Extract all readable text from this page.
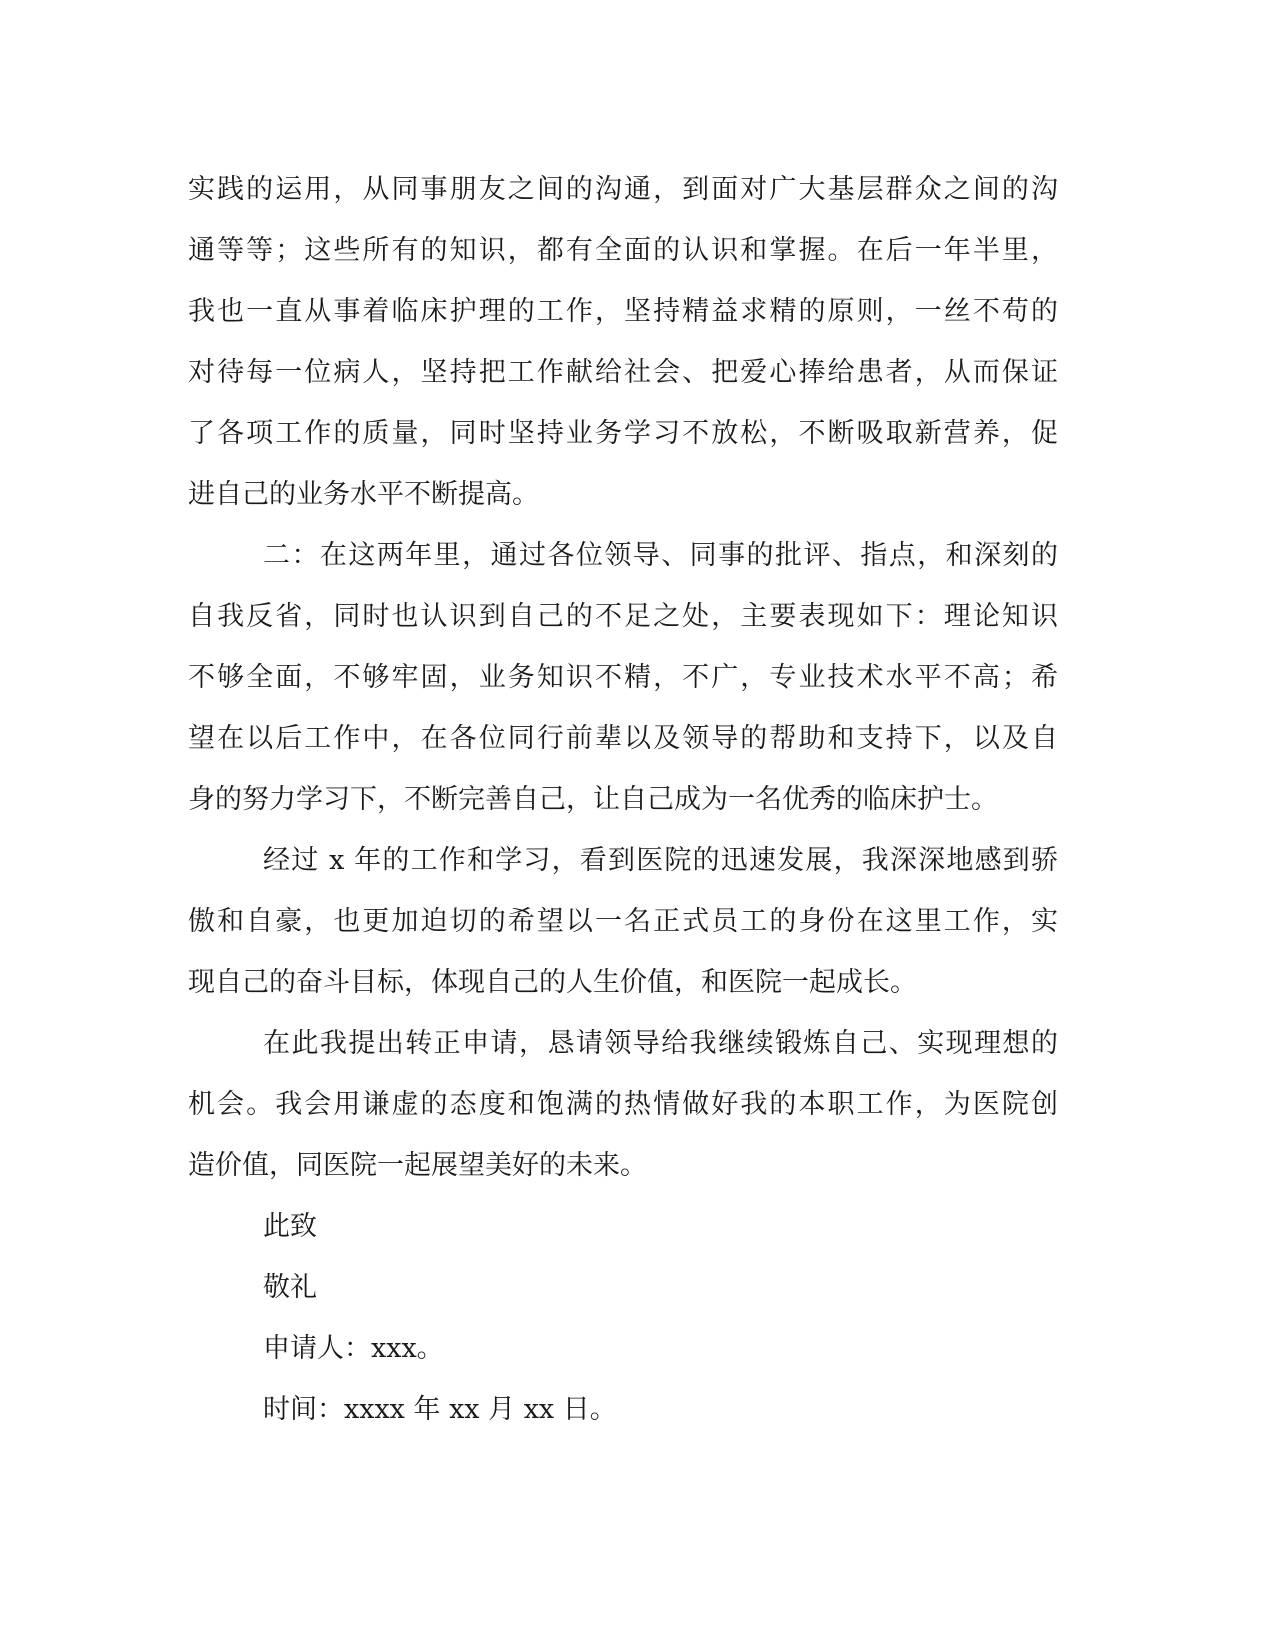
实践的运用，从同事朋友之间的沟通，到面对广大基层群众之间的沟
通等等；这些所有的知识，都有全面的认识和掌握。在后一年半里，
我也一直从事着临床护理的工作，坚持精益求精的原则，一丝不苟的
对待每一位病人，坚持把工作献给社会、把爱心捧给患者，从而保证
了各项工作的质量，同时坚持业务学习不放松，不断吸取新营养，促
进自己的业务水平不断提高。
二：在这两年里，通过各位领导、同事的批评、指点，和深刻的
自我反省，同时也认识到自己的不足之处，主要表现如下：理论知识
不够全面，不够牢固，业务知识不精，不广，专业技术水平不高；希
望在以后工作中，在各位同行前辈以及领导的帮助和支持下，以及自
身的努力学习下，不断完善自己，让自己成为一名优秀的临床护士。
经过 x 年的工作和学习，看到医院的迅速发展，我深深地感到骄
傲和自豪，也更加迫切的希望以一名正式员工的身份在这里工作，实
现自己的奋斗目标，体现自己的人生价值，和医院一起成长。
在此我提出转正申请，恳请领导给我继续锻炼自己、实现理想的
机会。我会用谦虚的态度和饱满的热情做好我的本职工作，为医院创
造价值，同医院一起展望美好的未来。
此致
敬礼
申请人：xxx。
时间：xxxx 年 xx 月 xx 日。
